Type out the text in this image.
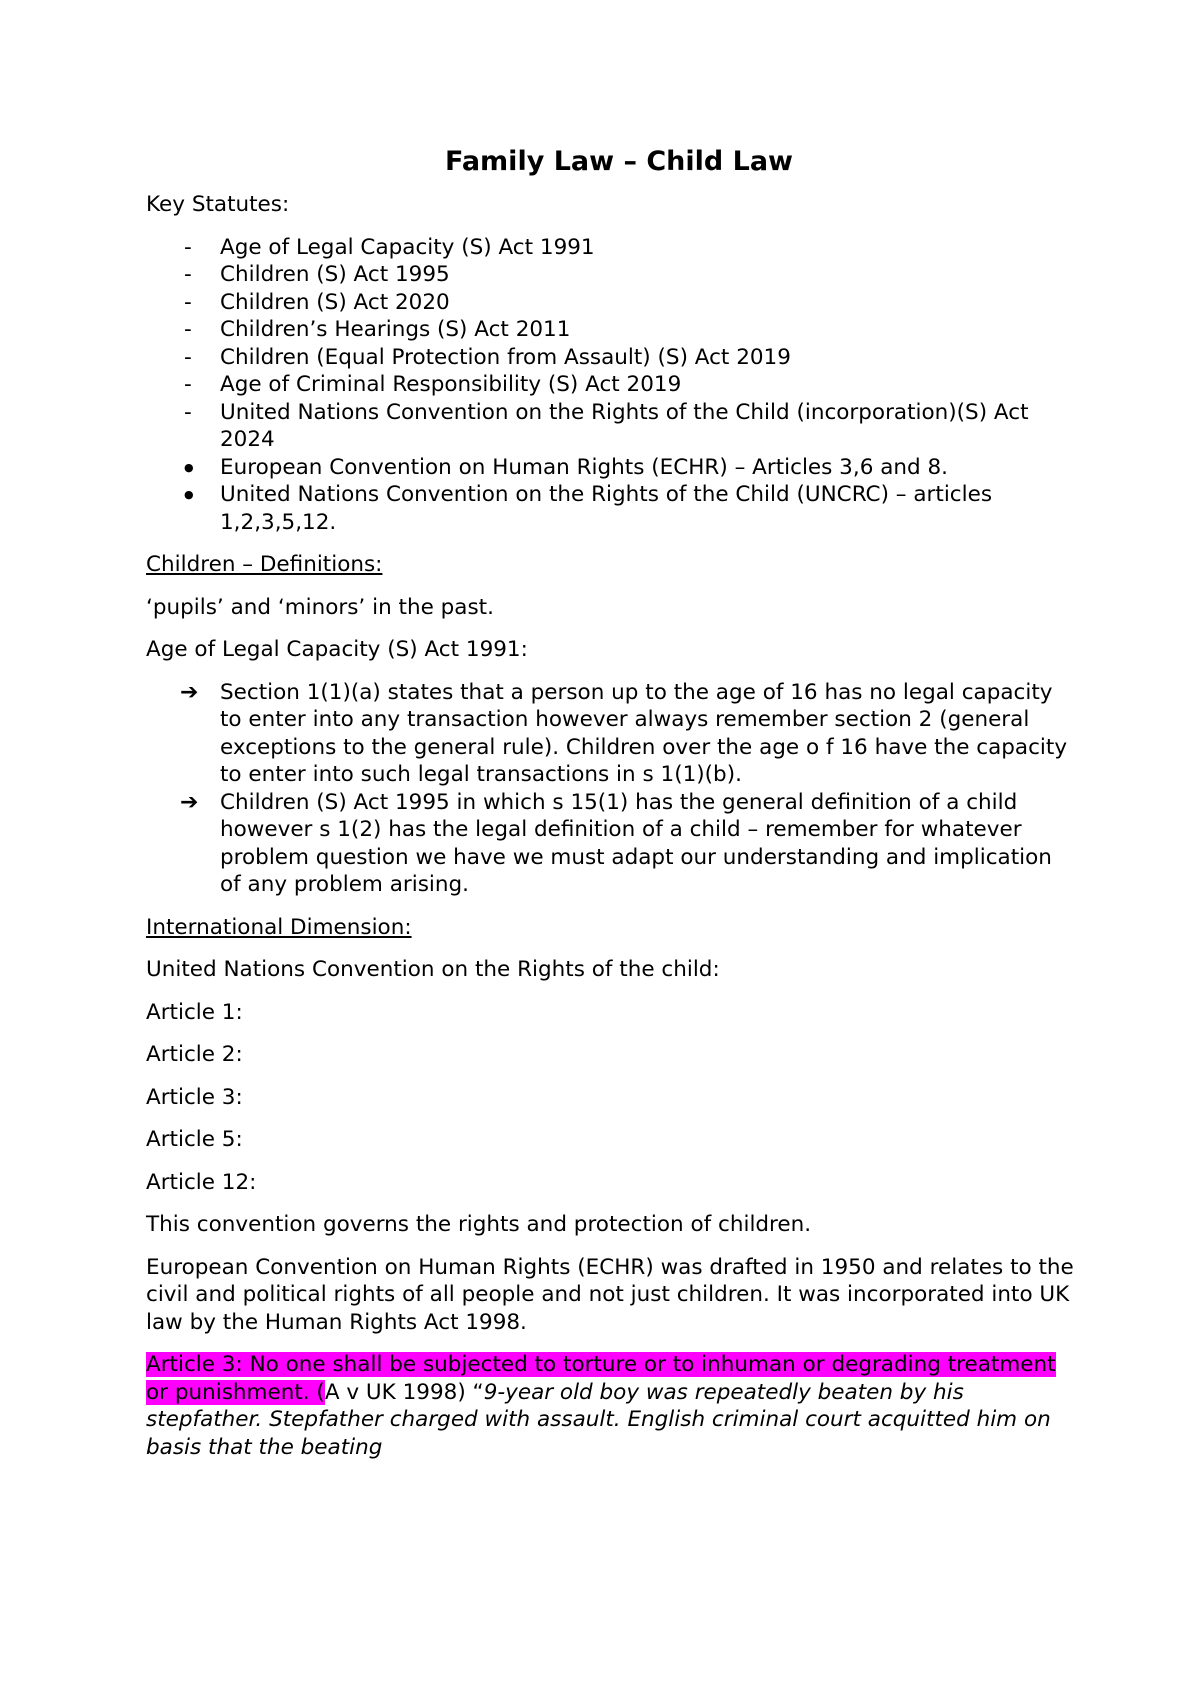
Family Law – Child Law

Key Statutes:

-
Age of Legal Capacity (S) Act 1991
-
Children (S) Act 1995
-
Children (S) Act 2020
-
Children’s Hearings (S) Act 2011
-
Children (Equal Protection from Assault) (S) Act 2019
-
Age of Criminal Responsibility (S) Act 2019
-
United Nations Convention on the Rights of the Child (incorporation)(S) Act 2024
●
European Convention on Human Rights (ECHR) – Articles 3,6 and 8.
●
United Nations Convention on the Rights of the Child (UNCRC) – articles 1,2,3,5,12.

Children – Definitions:

‘pupils’ and ‘minors’ in the past.

Age of Legal Capacity (S) Act 1991:

➔
Section 1(1)(a) states that a person up to the age of 16 has no legal capacity to enter into any transaction however always remember section 2 (general exceptions to the general rule). Children over the age o f 16 have the capacity to enter into such legal transactions in s 1(1)(b).
➔
Children (S) Act 1995 in which s 15(1) has the general definition of a child however s 1(2) has the legal definition of a child – remember for whatever problem question we have we must adapt our understanding and implication of any problem arising.

International Dimension:

United Nations Convention on the Rights of the child:

Article 1:

Article 2:

Article 3:

Article 5:

Article 12:

This convention governs the rights and protection of children.

European Convention on Human Rights (ECHR) was drafted in 1950 and relates to the civil and political rights of all people and not just children. It was incorporated into UK law by the Human Rights Act 1998.

Article 3: No one shall be subjected to torture or to inhuman or degrading treatment or punishment. (A v UK 1998) “9-year old boy was repeatedly beaten by his stepfather. Stepfather charged with assault. English criminal court acquitted him on basis that the beating
